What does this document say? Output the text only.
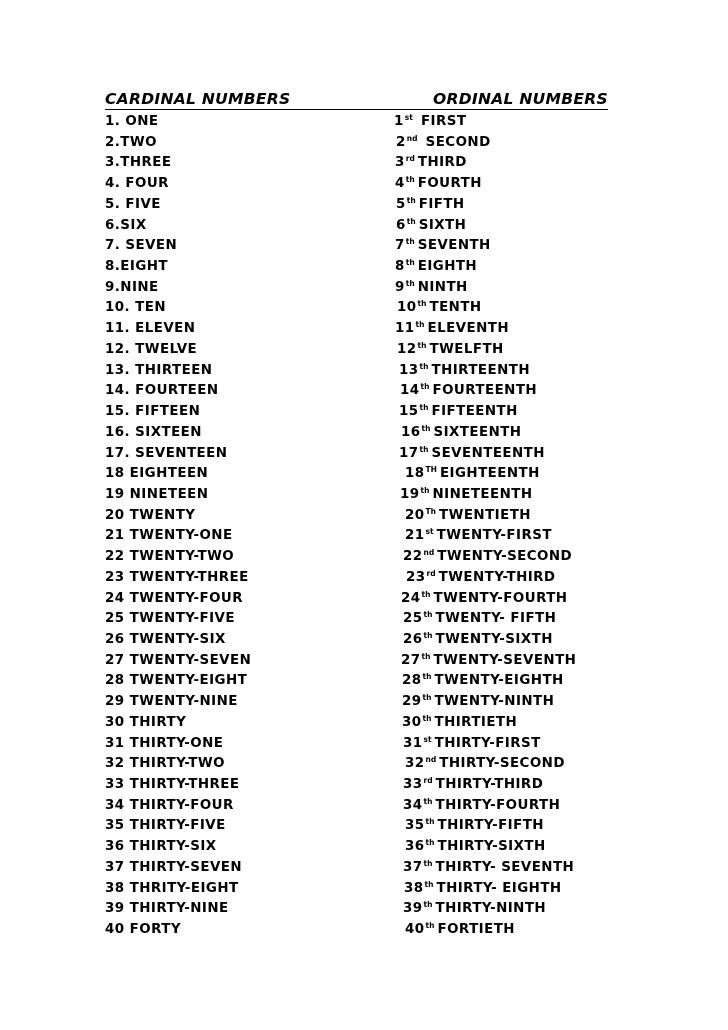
CARDINAL NUMBERS	ORDINAL NUMBERS
1. ONE	1st FIRST
2.TWO	2nd SECOND
3.THREE	3rd THIRD
4. FOUR	4th FOURTH
5. FIVE	5th FIFTH
6.SIX	6th SIXTH
7. SEVEN	7th SEVENTH
8.EIGHT	8th EIGHTH
9.NINE	9th NINTH
10. TEN	10th TENTH
11. ELEVEN	11th ELEVENTH
12. TWELVE	12th TWELFTH
13. THIRTEEN	13th THIRTEENTH
14. FOURTEEN	14th FOURTEENTH
15. FIFTEEN	15th FIFTEENTH
16. SIXTEEN	16th SIXTEENTH
17. SEVENTEEN	17th SEVENTEENTH
18 EIGHTEEN	18TH EIGHTEENTH
19 NINETEEN	19th NINETEENTH
20 TWENTY	20Th TWENTIETH
21 TWENTY-ONE	21st TWENTY-FIRST
22 TWENTY-TWO	22nd TWENTY-SECOND
23 TWENTY-THREE	23rd TWENTY-THIRD
24 TWENTY-FOUR	24th TWENTY-FOURTH
25 TWENTY-FIVE	25th TWENTY- FIFTH
26 TWENTY-SIX	26th TWENTY-SIXTH
27 TWENTY-SEVEN	27th TWENTY-SEVENTH
28 TWENTY-EIGHT	28th TWENTY-EIGHTH
29 TWENTY-NINE	29th TWENTY-NINTH
30 THIRTY	30th THIRTIETH
31 THIRTY-ONE	31st THIRTY-FIRST
32 THIRTY-TWO	32nd THIRTY-SECOND
33 THIRTY-THREE	33rd THIRTY-THIRD
34 THIRTY-FOUR	34th THIRTY-FOURTH
35 THIRTY-FIVE	35th THIRTY-FIFTH
36 THIRTY-SIX	36th THIRTY-SIXTH
37 THIRTY-SEVEN	37th THIRTY- SEVENTH
38 THRITY-EIGHT	38th THIRTY- EIGHTH
39 THIRTY-NINE	39th THIRTY-NINTH
40 FORTY	40th FORTIETH
